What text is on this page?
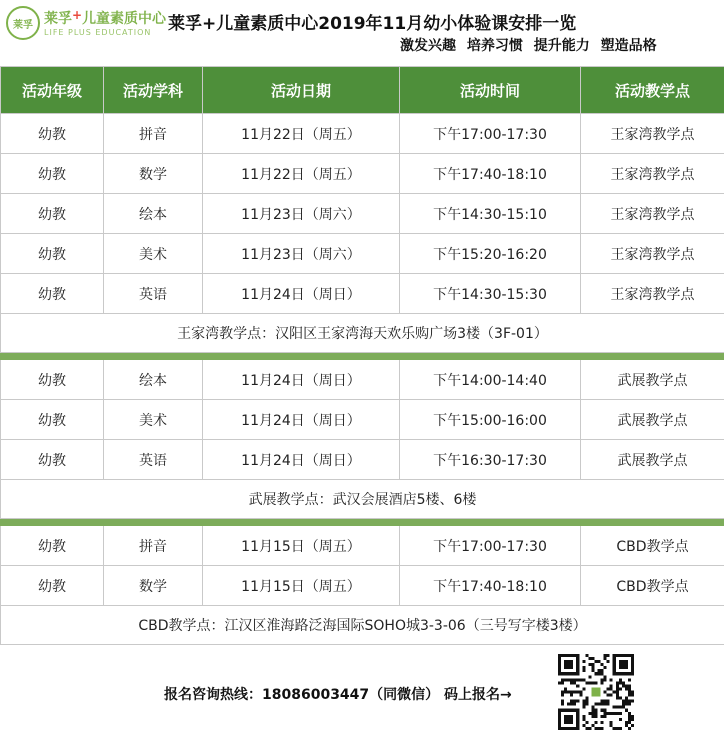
莱孚 莱孚+儿童素质中心
LIFE PLUS EDUCATION 莱孚+儿童素质中心2019年11月幼小体验课安排一览
激发兴趣 培养习惯 提升能力 塑造品格
活动年级	活动学科	活动日期	活动时间	活动教学点
幼教	拼音	11月22日（周五）	下午17:00-17:30	王家湾教学点
幼教	数学	11月22日（周五）	下午17:40-18:10	王家湾教学点
幼教	绘本	11月23日（周六）	下午14:30-15:10	王家湾教学点
幼教	美术	11月23日（周六）	下午15:20-16:20	王家湾教学点
幼教	英语	11月24日（周日）	下午14:30-15:30	王家湾教学点
王家湾教学点：汉阳区王家湾海天欢乐购广场3楼（3F-01）				

幼教	绘本	11月24日（周日）	下午14:00-14:40	武展教学点
幼教	美术	11月24日（周日）	下午15:00-16:00	武展教学点
幼教	英语	11月24日（周日）	下午16:30-17:30	武展教学点
武展教学点：武汉会展酒店5楼、6楼				

幼教	拼音	11月15日（周五）	下午17:00-17:30	CBD教学点
幼教	数学	11月15日（周五）	下午17:40-18:10	CBD教学点
CBD教学点：江汉区淮海路泛海国际SOHO城3-3-06（三号写字楼3楼）				
报名咨询热线：18086003447（同微信） 码上报名→
